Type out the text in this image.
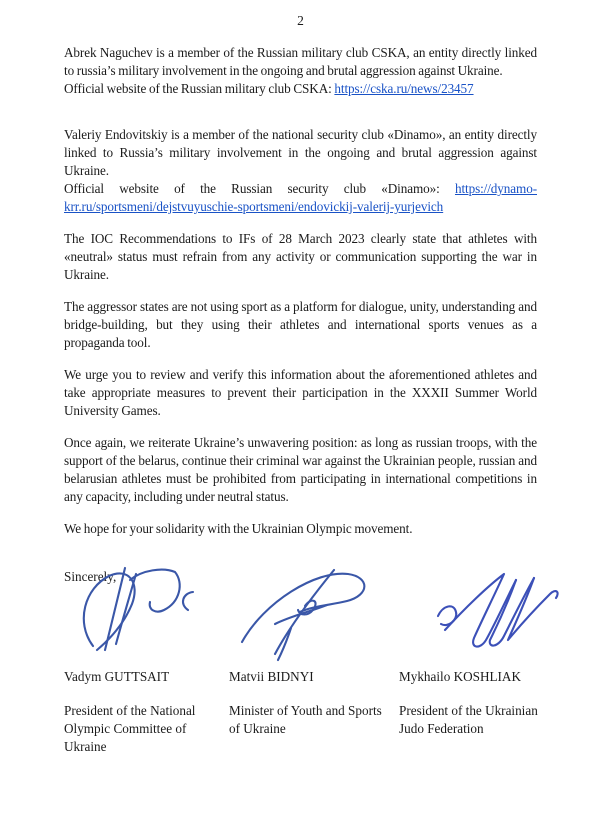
2

Abrek Naguchev is a member of the Russian military club CSKA, an entity directly linked to russia’s military involvement in the ongoing and brutal aggression against Ukraine.

Official website of the Russian military club CSKA: https://cska.ru/news/23457

Valeriy Endovitskiy is a member of the national security club «Dinamo», an entity directly linked to Russia’s military involvement in the ongoing and brutal aggression against Ukraine.

Official website of the Russian security club «Dinamo»: https://dynamo-krr.ru/sportsmeni/dejstvuyuschie-sportsmeni/endovickij-valerij-yurjevich

The IOC Recommendations to IFs of 28 March 2023 clearly state that athletes with «neutral» status must refrain from any activity or communication supporting the war in Ukraine.

The aggressor states are not using sport as a platform for dialogue, unity, understanding and bridge-building, but they using their athletes and international sports venues as a propaganda tool.

We urge you to review and verify this information about the aforementioned athletes and take appropriate measures to prevent their participation in the XXXII Summer World University Games.

Once again, we reiterate Ukraine’s unwavering position: as long as russian troops, with the support of the belarus, continue their criminal war against the Ukrainian people, russian and belarusian athletes must be prohibited from participating in international competitions in any capacity, including under neutral status.

We hope for your solidarity with the Ukrainian Olympic movement.

Sincerely,
Vadym GUTTSAIT	Matvii BIDNYI	Mykhailo KOSHLIAK
President of the National Olympic Committee of Ukraine
Minister of Youth and Sports of Ukraine
President of the Ukrainian Judo Federation
